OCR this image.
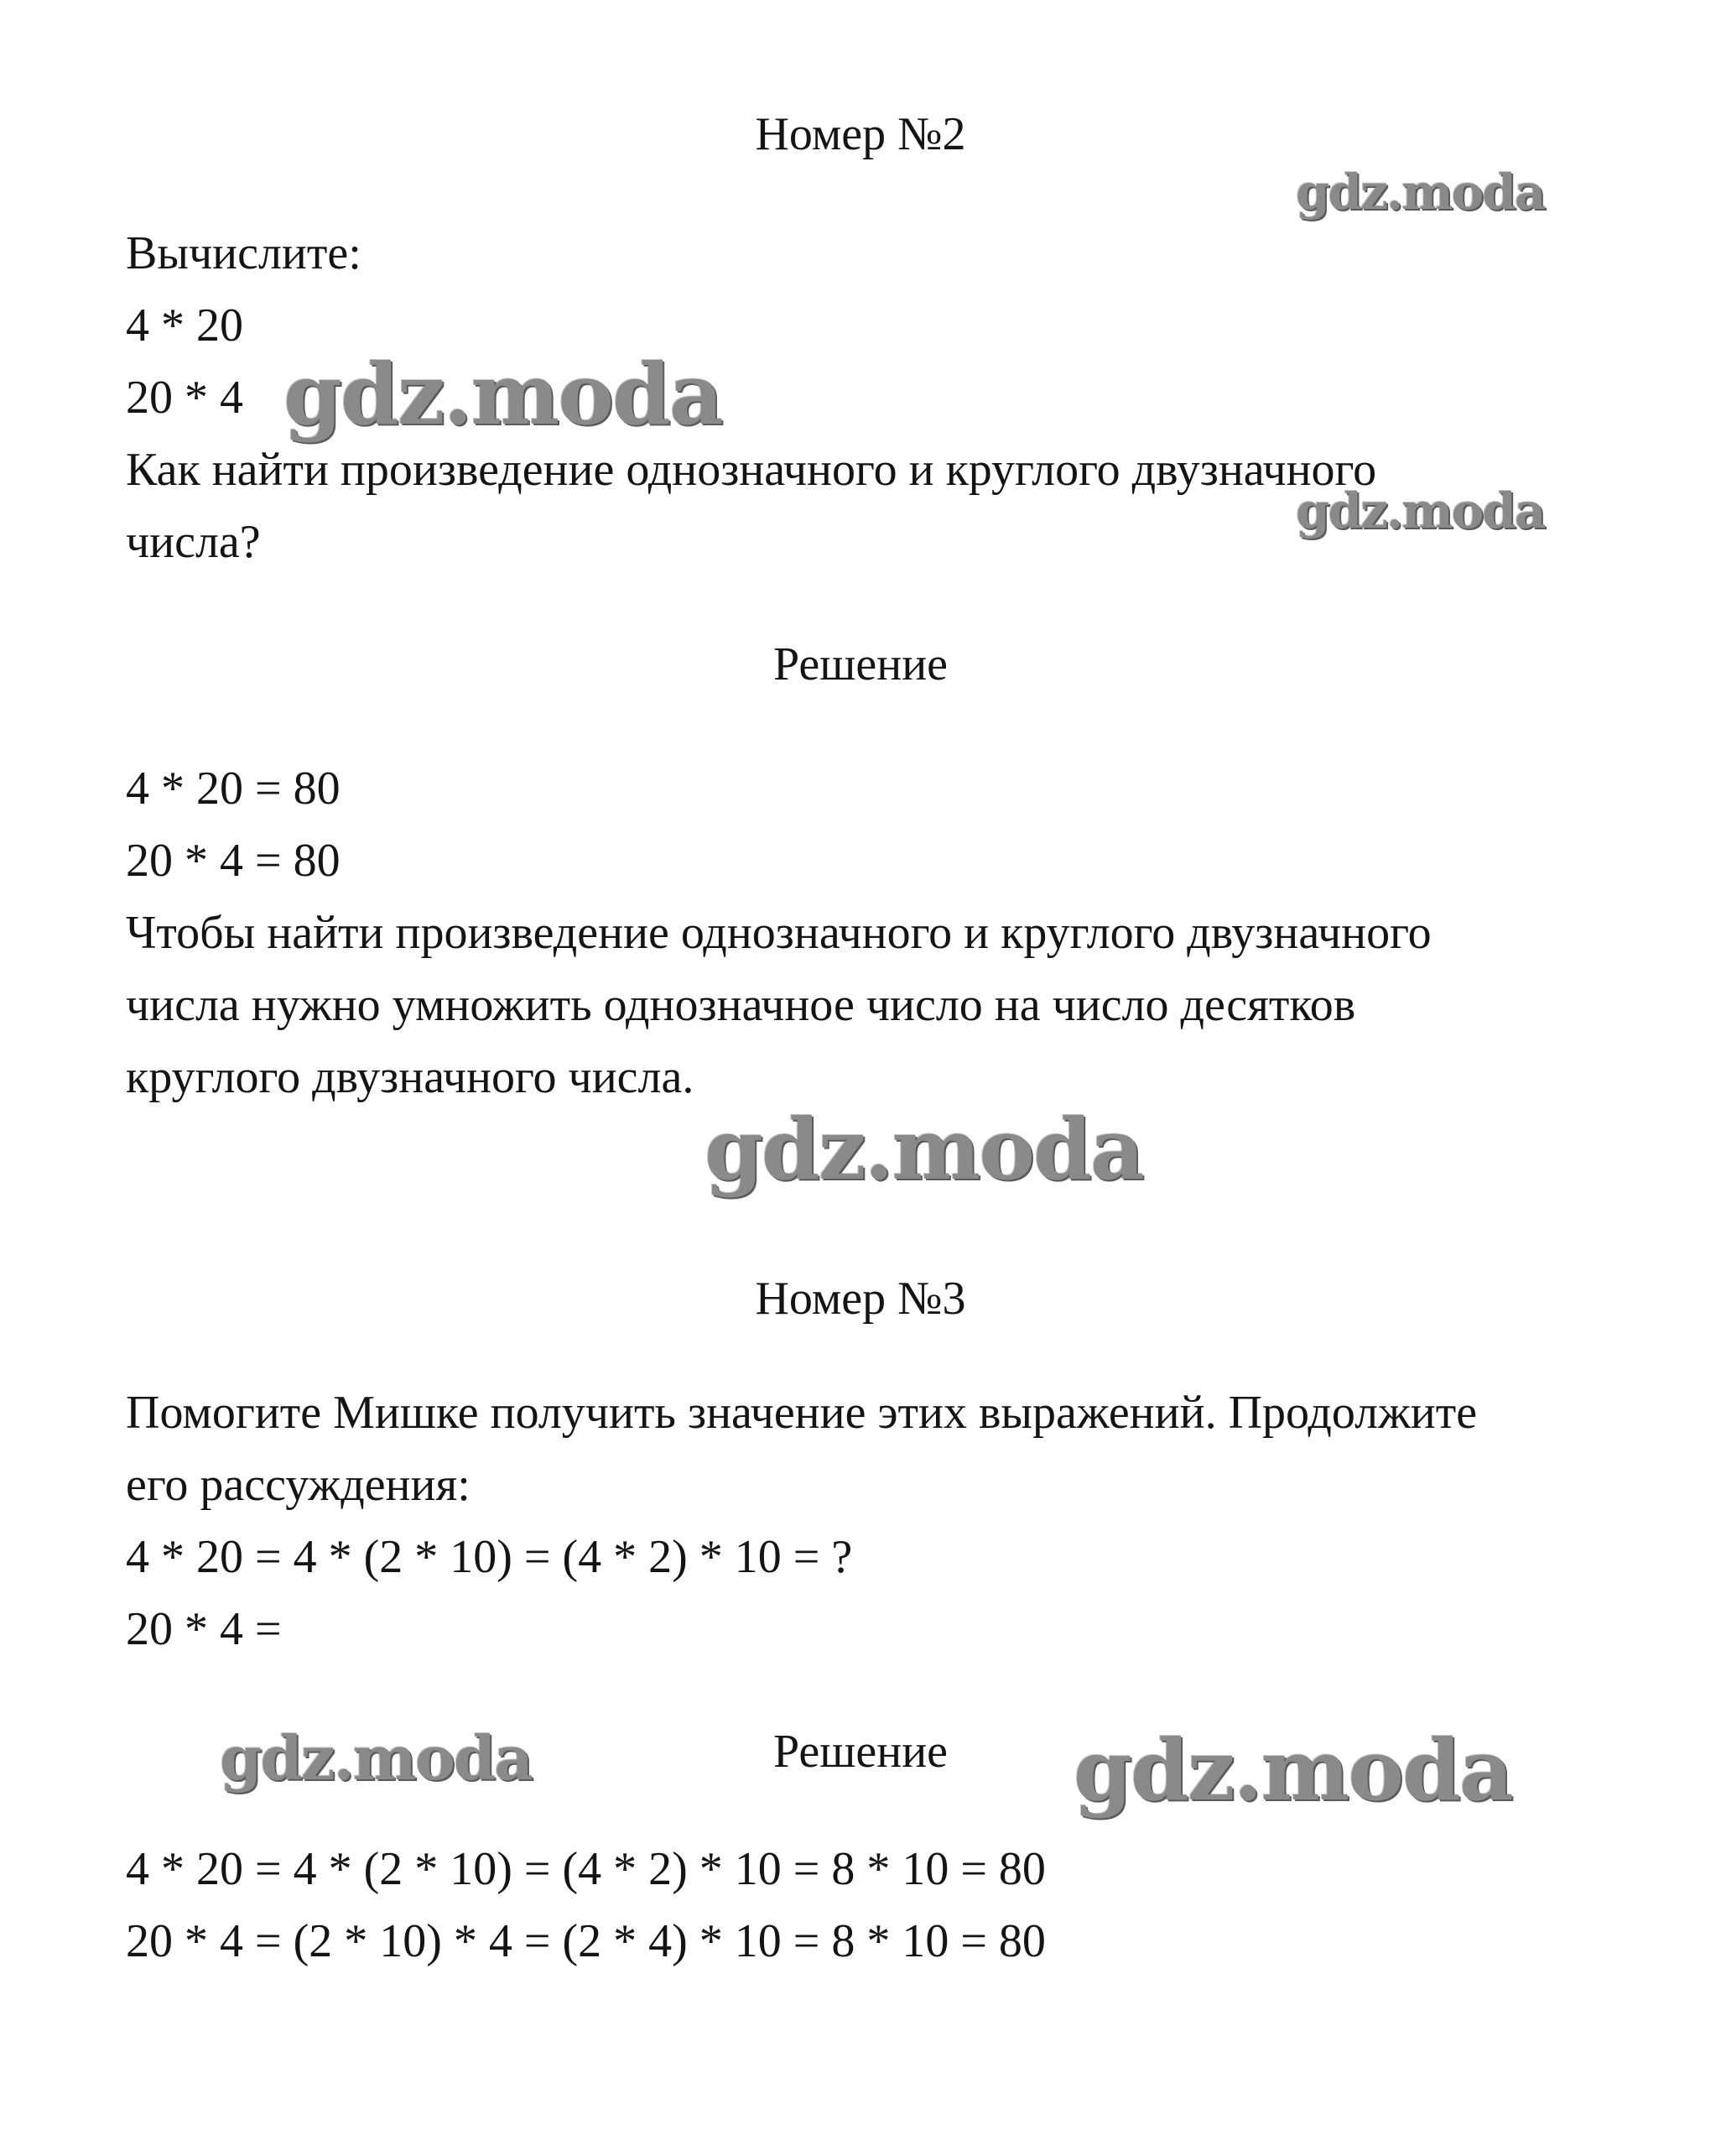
Номер №2

Вычислите:

4 * 20

20 * 4

Как найти произведение однозначного и круглого двузначного

числа?

Решение

4 * 20 = 80

20 * 4 = 80

Чтобы найти произведение однозначного и круглого двузначного

числа нужно умножить однозначное число на число десятков

круглого двузначного числа.

Номер №3

Помогите Мишке получить значение этих выражений. Продолжите

его рассуждения:

4 * 20 = 4 * (2 * 10) = (4 * 2) * 10 = ?

20 * 4 =

Решение

4 * 20 = 4 * (2 * 10) = (4 * 2) * 10 = 8 * 10 = 80

20 * 4 = (2 * 10) * 4 = (2 * 4) * 10 = 8 * 10 = 80

gdz.moda
gdz.moda
gdz.moda
gdz.moda
gdz.moda	gdz.moda
